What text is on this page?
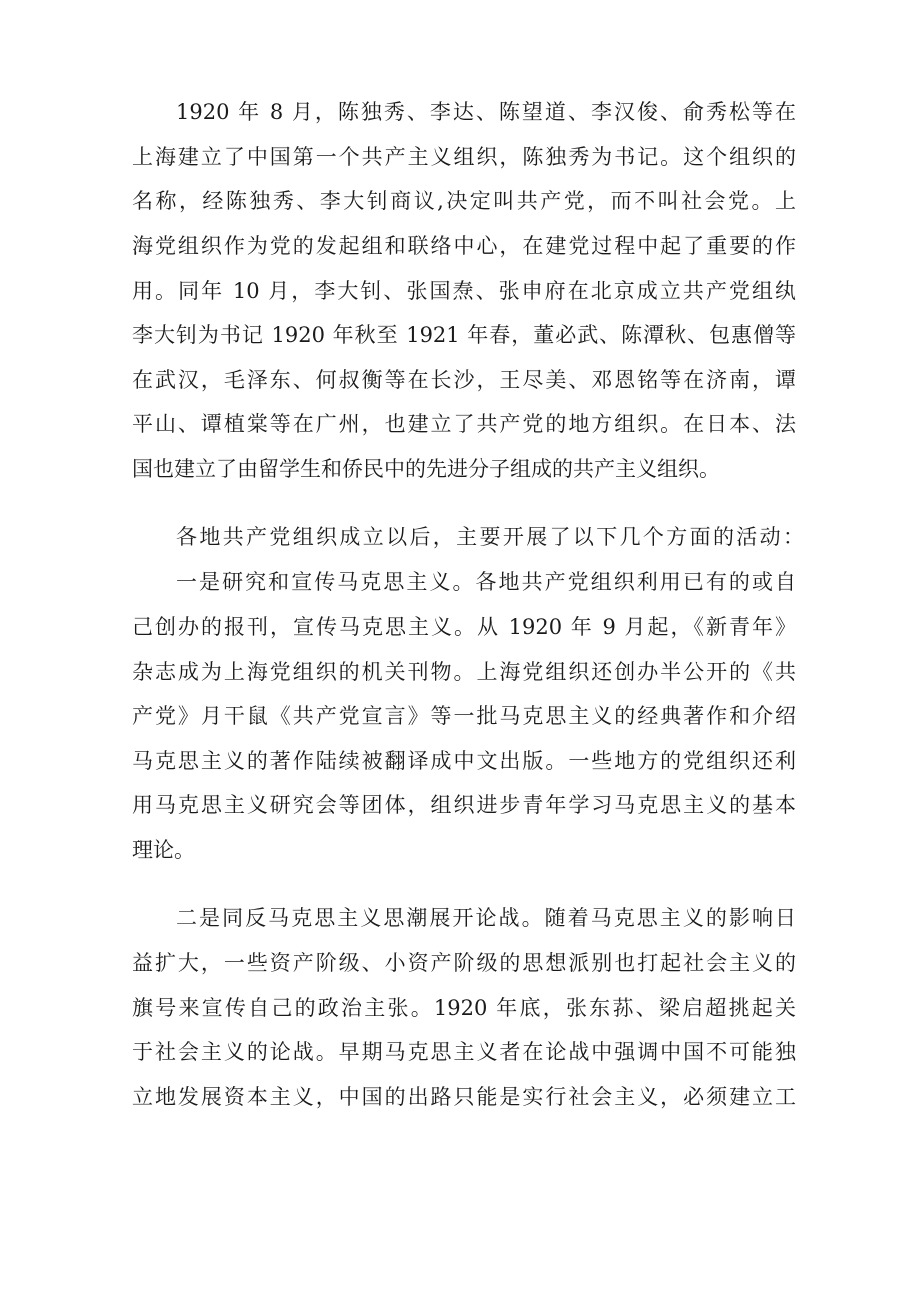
1920 年 8 月，陈独秀、李达、陈望道、李汉俊、俞秀松等在
上海建立了中国第一个共产主义组织，陈独秀为书记。这个组织的
名称，经陈独秀、李大钊商议,决定叫共产党，而不叫社会党。上
海党组织作为党的发起组和联络中心，在建党过程中起了重要的作
用。同年 10 月，李大钊、张国焘、张申府在北京成立共产党组纨
李大钊为书记 1920 年秋至 1921 年春，董必武、陈潭秋、包惠僧等
在武汉，毛泽东、何叔衡等在长沙，王尽美、邓恩铭等在济南，谭
平山、谭植棠等在广州，也建立了共产党的地方组织。在日本、法
国也建立了由留学生和侨民中的先进分子组成的共产主义组织。
各地共产党组织成立以后，主要开展了以下几个方面的活动：
一是研究和宣传马克思主义。各地共产党组织利用已有的或自
己创办的报刊，宣传马克思主义。从 1920 年 9 月起，《新青年》
杂志成为上海党组织的机关刊物。上海党组织还创办半公开的《共
产党》月干鼠《共产党宣言》等一批马克思主义的经典著作和介绍
马克思主义的著作陆续被翻译成中文出版。一些地方的党组织还利
用马克思主义研究会等团体，组织进步青年学习马克思主义的基本
理论。
二是同反马克思主义思潮展开论战。随着马克思主义的影响日
益扩大，一些资产阶级、小资产阶级的思想派别也打起社会主义的
旗号来宣传自己的政治主张。1920 年底，张东荪、梁启超挑起关
于社会主义的论战。早期马克思主义者在论战中强调中国不可能独
立地发展资本主义，中国的出路只能是实行社会主义，必须建立工
